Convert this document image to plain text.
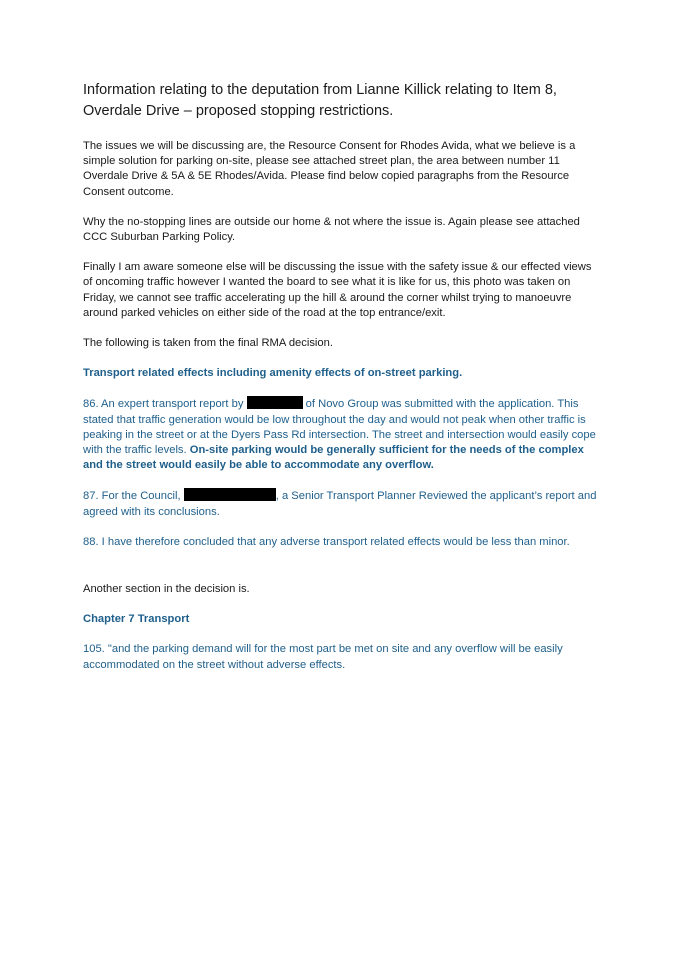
Information relating to the deputation from Lianne Killick relating to Item 8, Overdale Drive – proposed stopping restrictions.

The issues we will be discussing are, the Resource Consent for Rhodes Avida, what we believe is a simple solution for parking on-site, please see attached street plan, the area between number 11 Overdale Drive & 5A & 5E Rhodes/Avida. Please find below copied paragraphs from the Resource Consent outcome.

Why the no-stopping lines are outside our home & not where the issue is. Again please see attached CCC Suburban Parking Policy.

Finally I am aware someone else will be discussing the issue with the safety issue & our effected views of oncoming traffic however I wanted the board to see what it is like for us, this photo was taken on Friday, we cannot see traffic accelerating up the hill & around the corner whilst trying to manoeuvre around parked vehicles on either side of the road at the top entrance/exit.

The following is taken from the final RMA decision.

Transport related effects including amenity effects of on-street parking.

86. An expert transport report by	of Novo Group was submitted with the application. This stated that traffic generation would be low throughout the day and would not peak when other traffic is peaking in the street or at the Dyers Pass Rd intersection. The street and intersection would easily cope with the traffic levels. On-site parking would be generally sufficient for the needs of the complex and the street would easily be able to accommodate any overflow.

87. For the Council,	, a Senior Transport Planner Reviewed the applicant’s report and agreed with its conclusions.

88. I have therefore concluded that any adverse transport related effects would be less than minor.

Another section in the decision is.

Chapter 7 Transport

105. "and the parking demand will for the most part be met on site and any overflow will be easily accommodated on the street without adverse effects.
